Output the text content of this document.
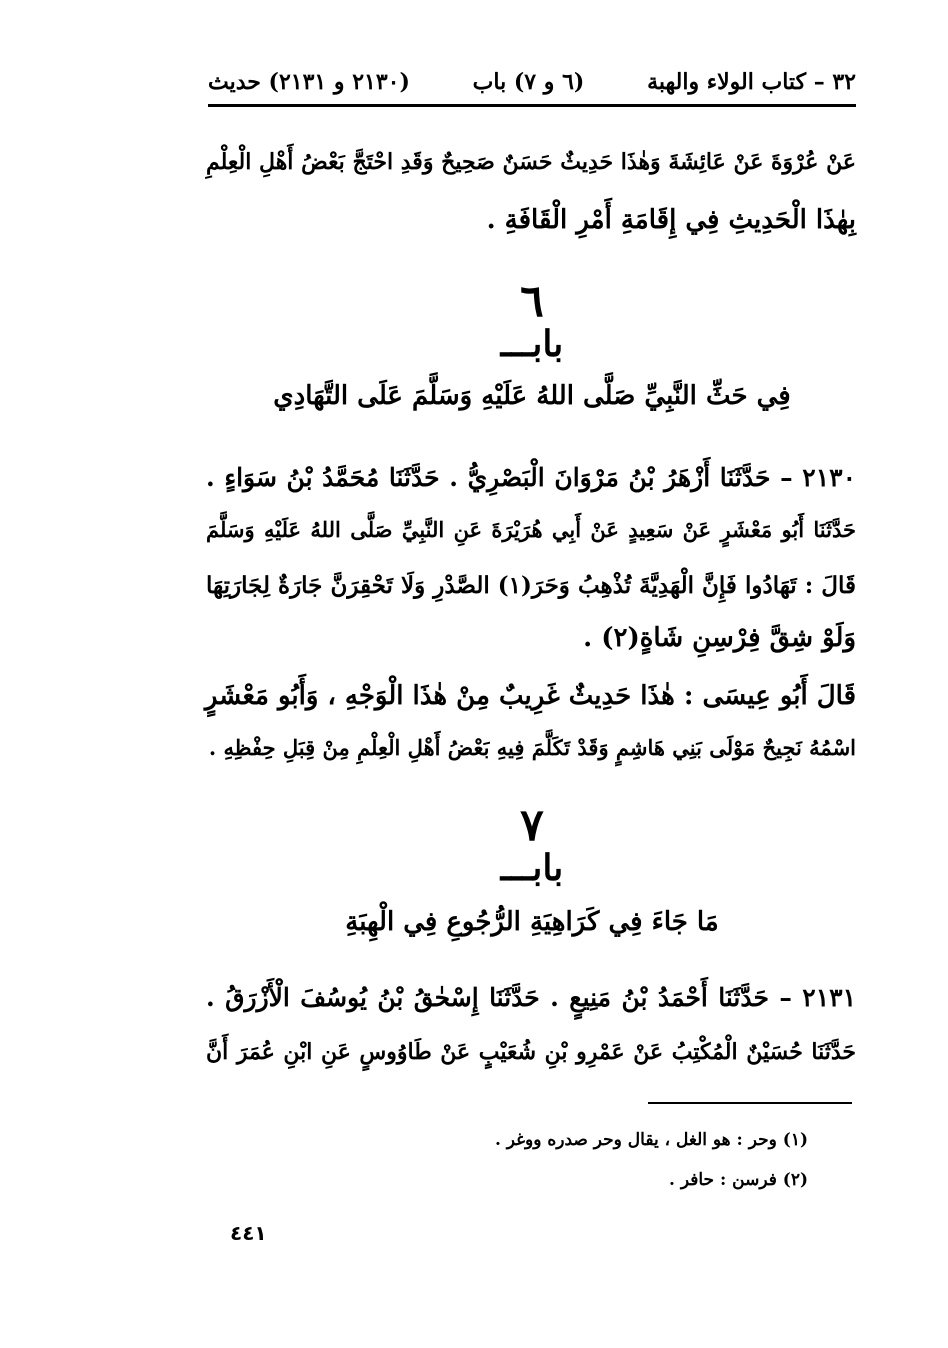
٣٢ – كتاب الولاء والهبة
(٦ و ٧) باب
(٢١٣٠ و ٢١٣١) حديث
عَنْ عُرْوَةَ عَنْ عَائِشَةَ وَهٰذَا حَدِيثٌ حَسَنٌ صَحِيحٌ وَقَدِ احْتَجَّ بَعْضُ أَهْلِ الْعِلْمِ
بِهٰذَا الْحَدِيثِ فِي إِقَامَةِ أَمْرِ الْقَافَةِ .
٦
بابـــ
فِي حَثِّ النَّبِيِّ صَلَّى اللهُ عَلَيْهِ وَسَلَّمَ عَلَى التَّهَادِي
٢١٣٠ – حَدَّثَنَا أَزْهَرُ بْنُ مَرْوَانَ الْبَصْرِيُّ . حَدَّثَنَا مُحَمَّدُ بْنُ سَوَاءٍ .
حَدَّثَنَا أَبُو مَعْشَرٍ عَنْ سَعِيدٍ عَنْ أَبِي هُرَيْرَةَ عَنِ النَّبِيِّ صَلَّى اللهُ عَلَيْهِ وَسَلَّمَ
قَالَ : تَهَادُوا فَإِنَّ الْهَدِيَّةَ تُذْهِبُ وَحَرَ(١) الصَّدْرِ وَلَا تَحْقِرَنَّ جَارَةٌ لِجَارَتِهَا
وَلَوْ شِقَّ فِرْسِنِ شَاةٍ(٢) .
قَالَ أَبُو عِيسَى : هٰذَا حَدِيثٌ غَرِيبٌ مِنْ هٰذَا الْوَجْهِ ، وَأَبُو مَعْشَرٍ
اسْمُهُ نَجِيحٌ مَوْلَى بَنِي هَاشِمٍ وَقَدْ تَكَلَّمَ فِيهِ بَعْضُ أَهْلِ الْعِلْمِ مِنْ قِبَلِ حِفْظِهِ .
٧
بابـــ
مَا جَاءَ فِي كَرَاهِيَةِ الرُّجُوعِ فِي الْهِبَةِ
٢١٣١ – حَدَّثَنَا أَحْمَدُ بْنُ مَنِيعٍ . حَدَّثَنَا إِسْحٰقُ بْنُ يُوسُفَ الْأَزْرَقُ .
حَدَّثَنَا حُسَيْنٌ الْمُكْتِبُ عَنْ عَمْرِو بْنِ شُعَيْبٍ عَنْ طَاوُوسٍ عَنِ ابْنِ عُمَرَ أَنَّ
(١) وحر : هو الغل ، يقال وحر صدره ووغر .
(٢) فرسن : حافر .
٤٤١
